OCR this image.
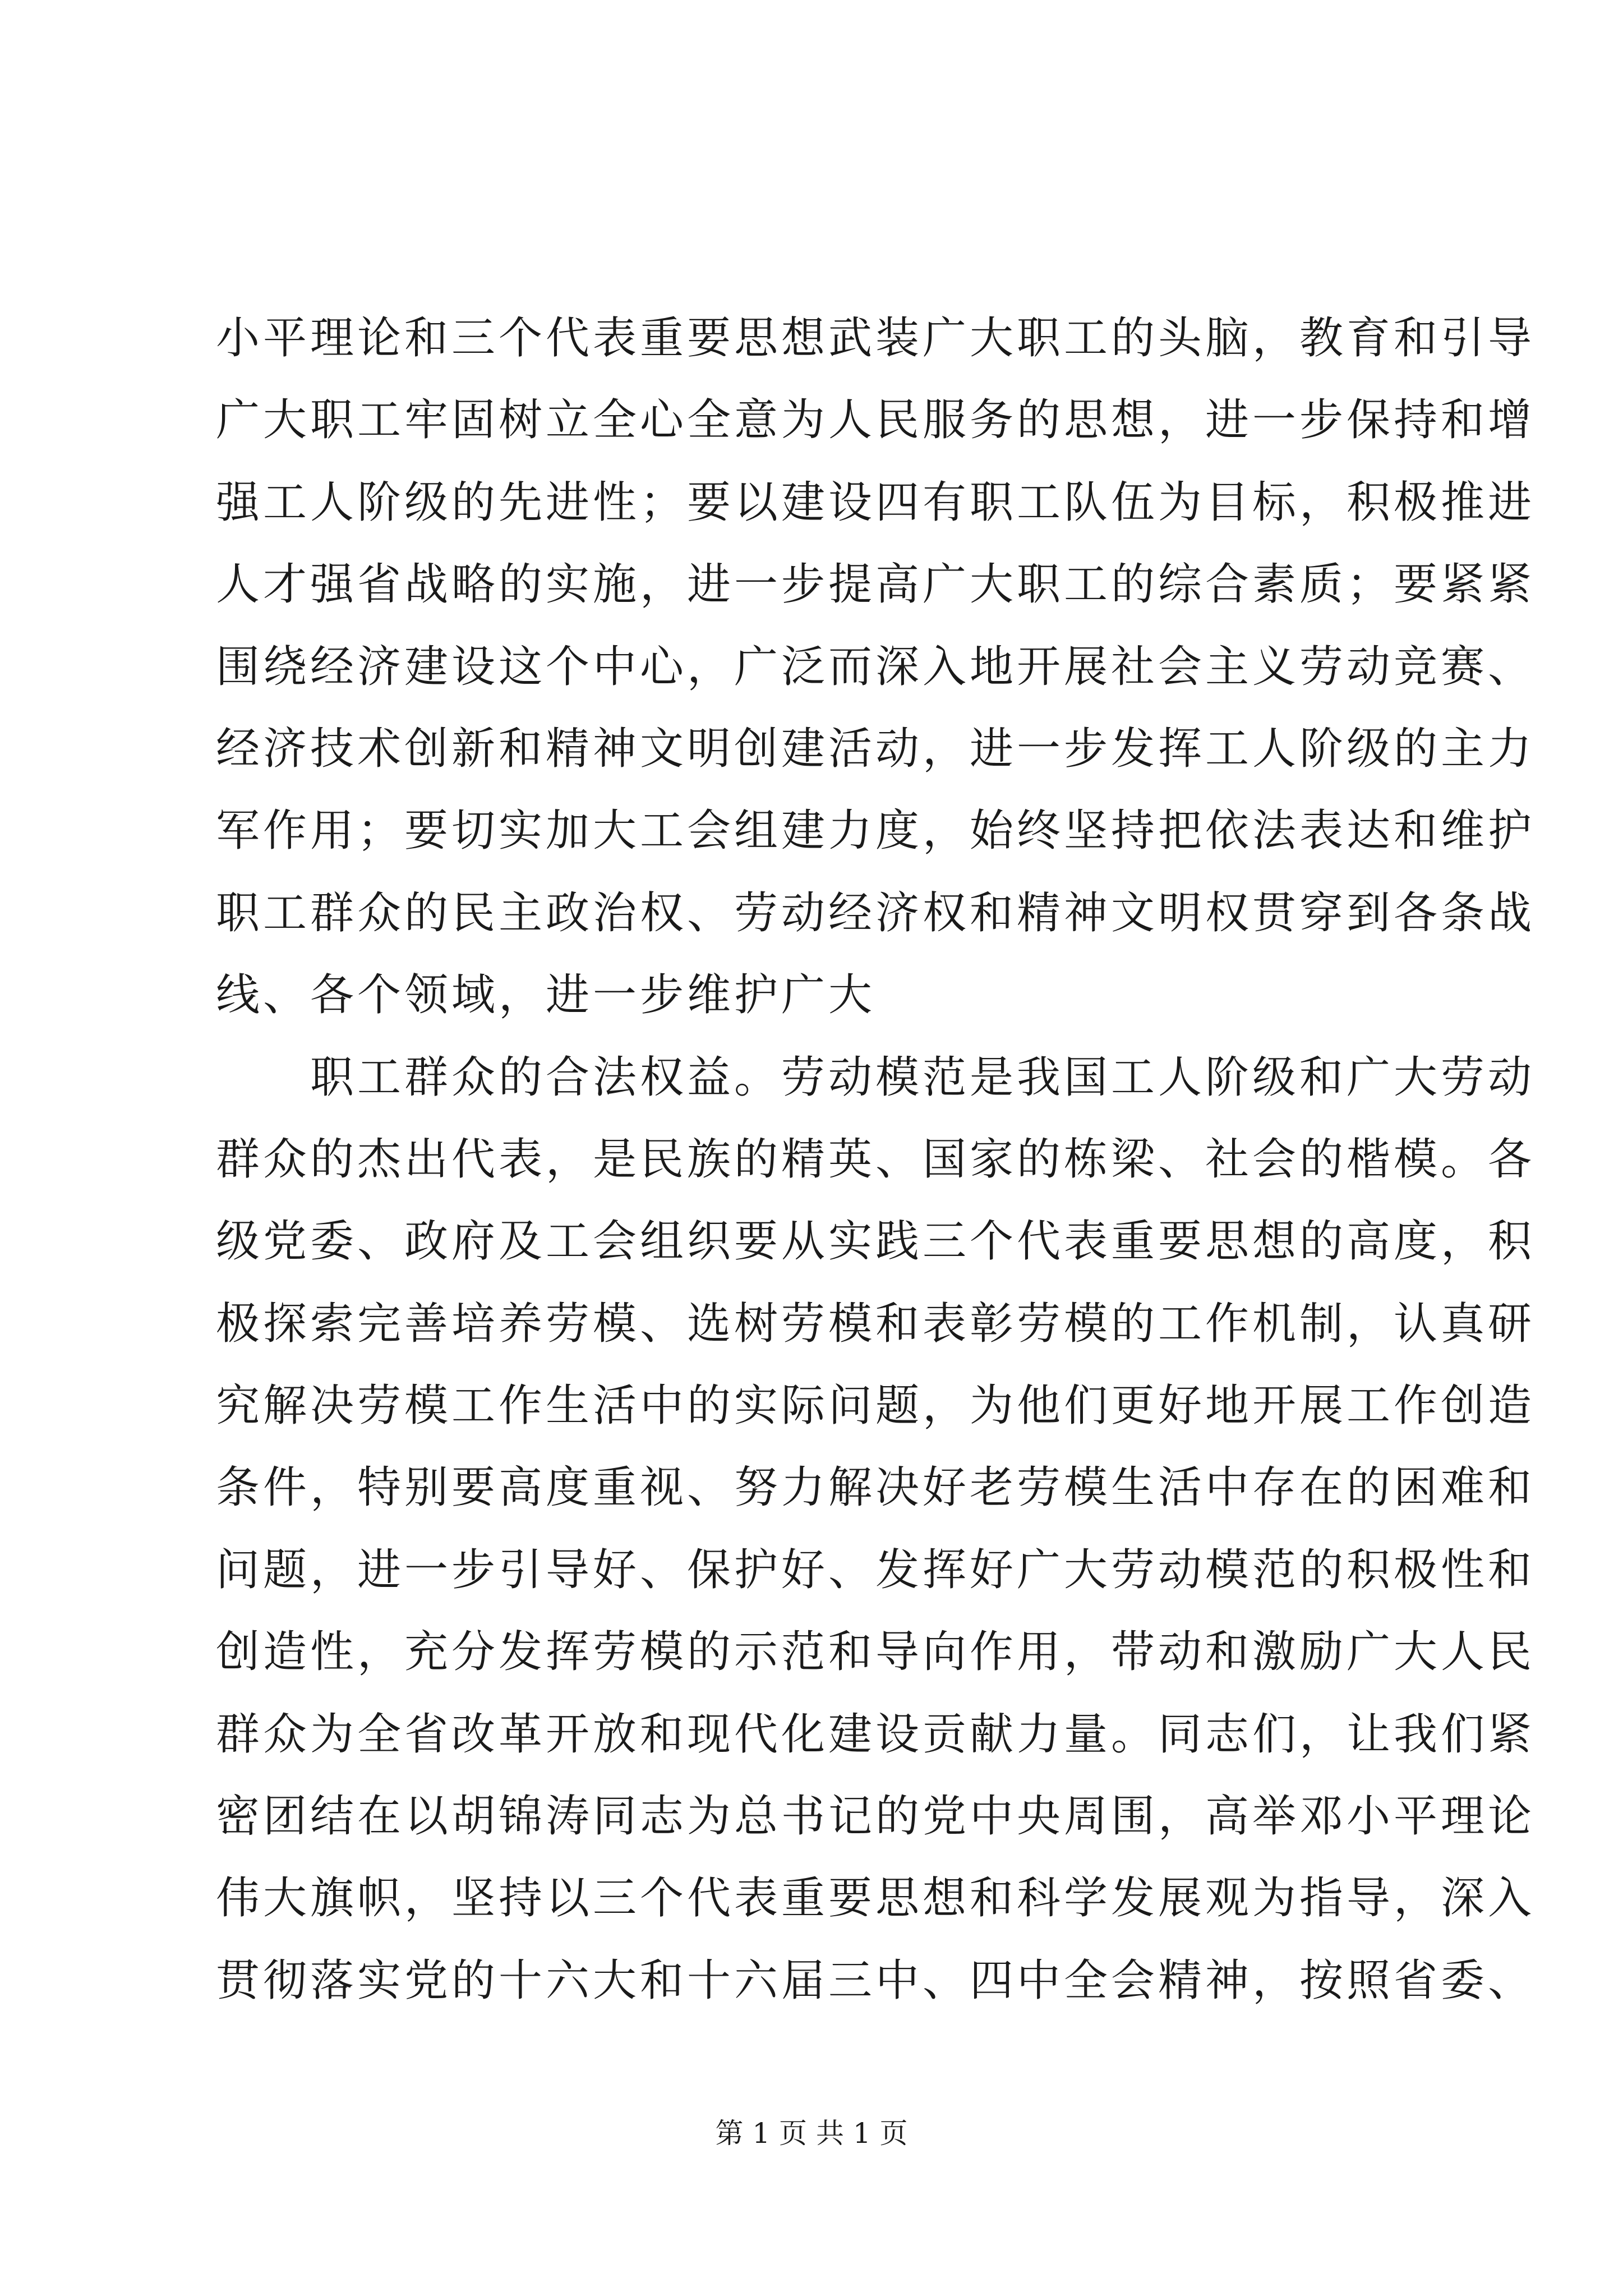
小平理论和三个代表重要思想武装广大职工的头脑，教育和引导
广大职工牢固树立全心全意为人民服务的思想，进一步保持和增
强工人阶级的先进性；要以建设四有职工队伍为目标，积极推进
人才强省战略的实施，进一步提高广大职工的综合素质；要紧紧
围绕经济建设这个中心，广泛而深入地开展社会主义劳动竞赛、
经济技术创新和精神文明创建活动，进一步发挥工人阶级的主力
军作用；要切实加大工会组建力度，始终坚持把依法表达和维护
职工群众的民主政治权、劳动经济权和精神文明权贯穿到各条战
线、各个领域，进一步维护广大
职工群众的合法权益。劳动模范是我国工人阶级和广大劳动
群众的杰出代表，是民族的精英、国家的栋梁、社会的楷模。各
级党委、政府及工会组织要从实践三个代表重要思想的高度，积
极探索完善培养劳模、选树劳模和表彰劳模的工作机制，认真研
究解决劳模工作生活中的实际问题，为他们更好地开展工作创造
条件，特别要高度重视、努力解决好老劳模生活中存在的困难和
问题，进一步引导好、保护好、发挥好广大劳动模范的积极性和
创造性，充分发挥劳模的示范和导向作用，带动和激励广大人民
群众为全省改革开放和现代化建设贡献力量。同志们，让我们紧
密团结在以胡锦涛同志为总书记的党中央周围，高举邓小平理论
伟大旗帜，坚持以三个代表重要思想和科学发展观为指导，深入
贯彻落实党的十六大和十六届三中、四中全会精神，按照省委、
第 1 页 共 1 页
